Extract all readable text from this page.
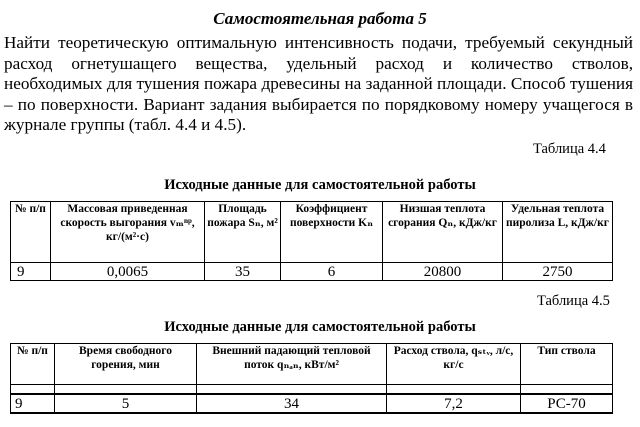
Самостоятельная работа 5

Найти теоретическую оптимальную интенсивность подачи, требуемый секундный расход огнетушащего вещества, удельный расход и количество стволов, необходимых для тушения пожара древесины на заданной площади. Способ тушения – по поверхности. Вариант задания выбирается по порядковому номеру учащегося в журнале группы (табл. 4.4 и 4.5).

Таблица 4.4
Исходные данные для самостоятельной работы
№ п/п	Массовая приведенная скорость выгорания vₘⁿᵖ, кг/(м²·с)	Площадь пожара Sₙ, м²	Коэффициент поверхности Kₙ	Низшая теплота сгорания Qₙ, кДж/кг	Удельная теплота пиролиза L, кДж/кг
9	0,0065	35	6	20800	2750
Таблица 4.5
Исходные данные для самостоятельной работы
№ п/п	Время свободного горения, мин	Внешний падающий тепловой поток qₙₐₙ, кВт/м²	Расход ствола, qₛₜᵥ, л/с, кг/с	Тип ствола

9	5	34	7,2	РС-70
